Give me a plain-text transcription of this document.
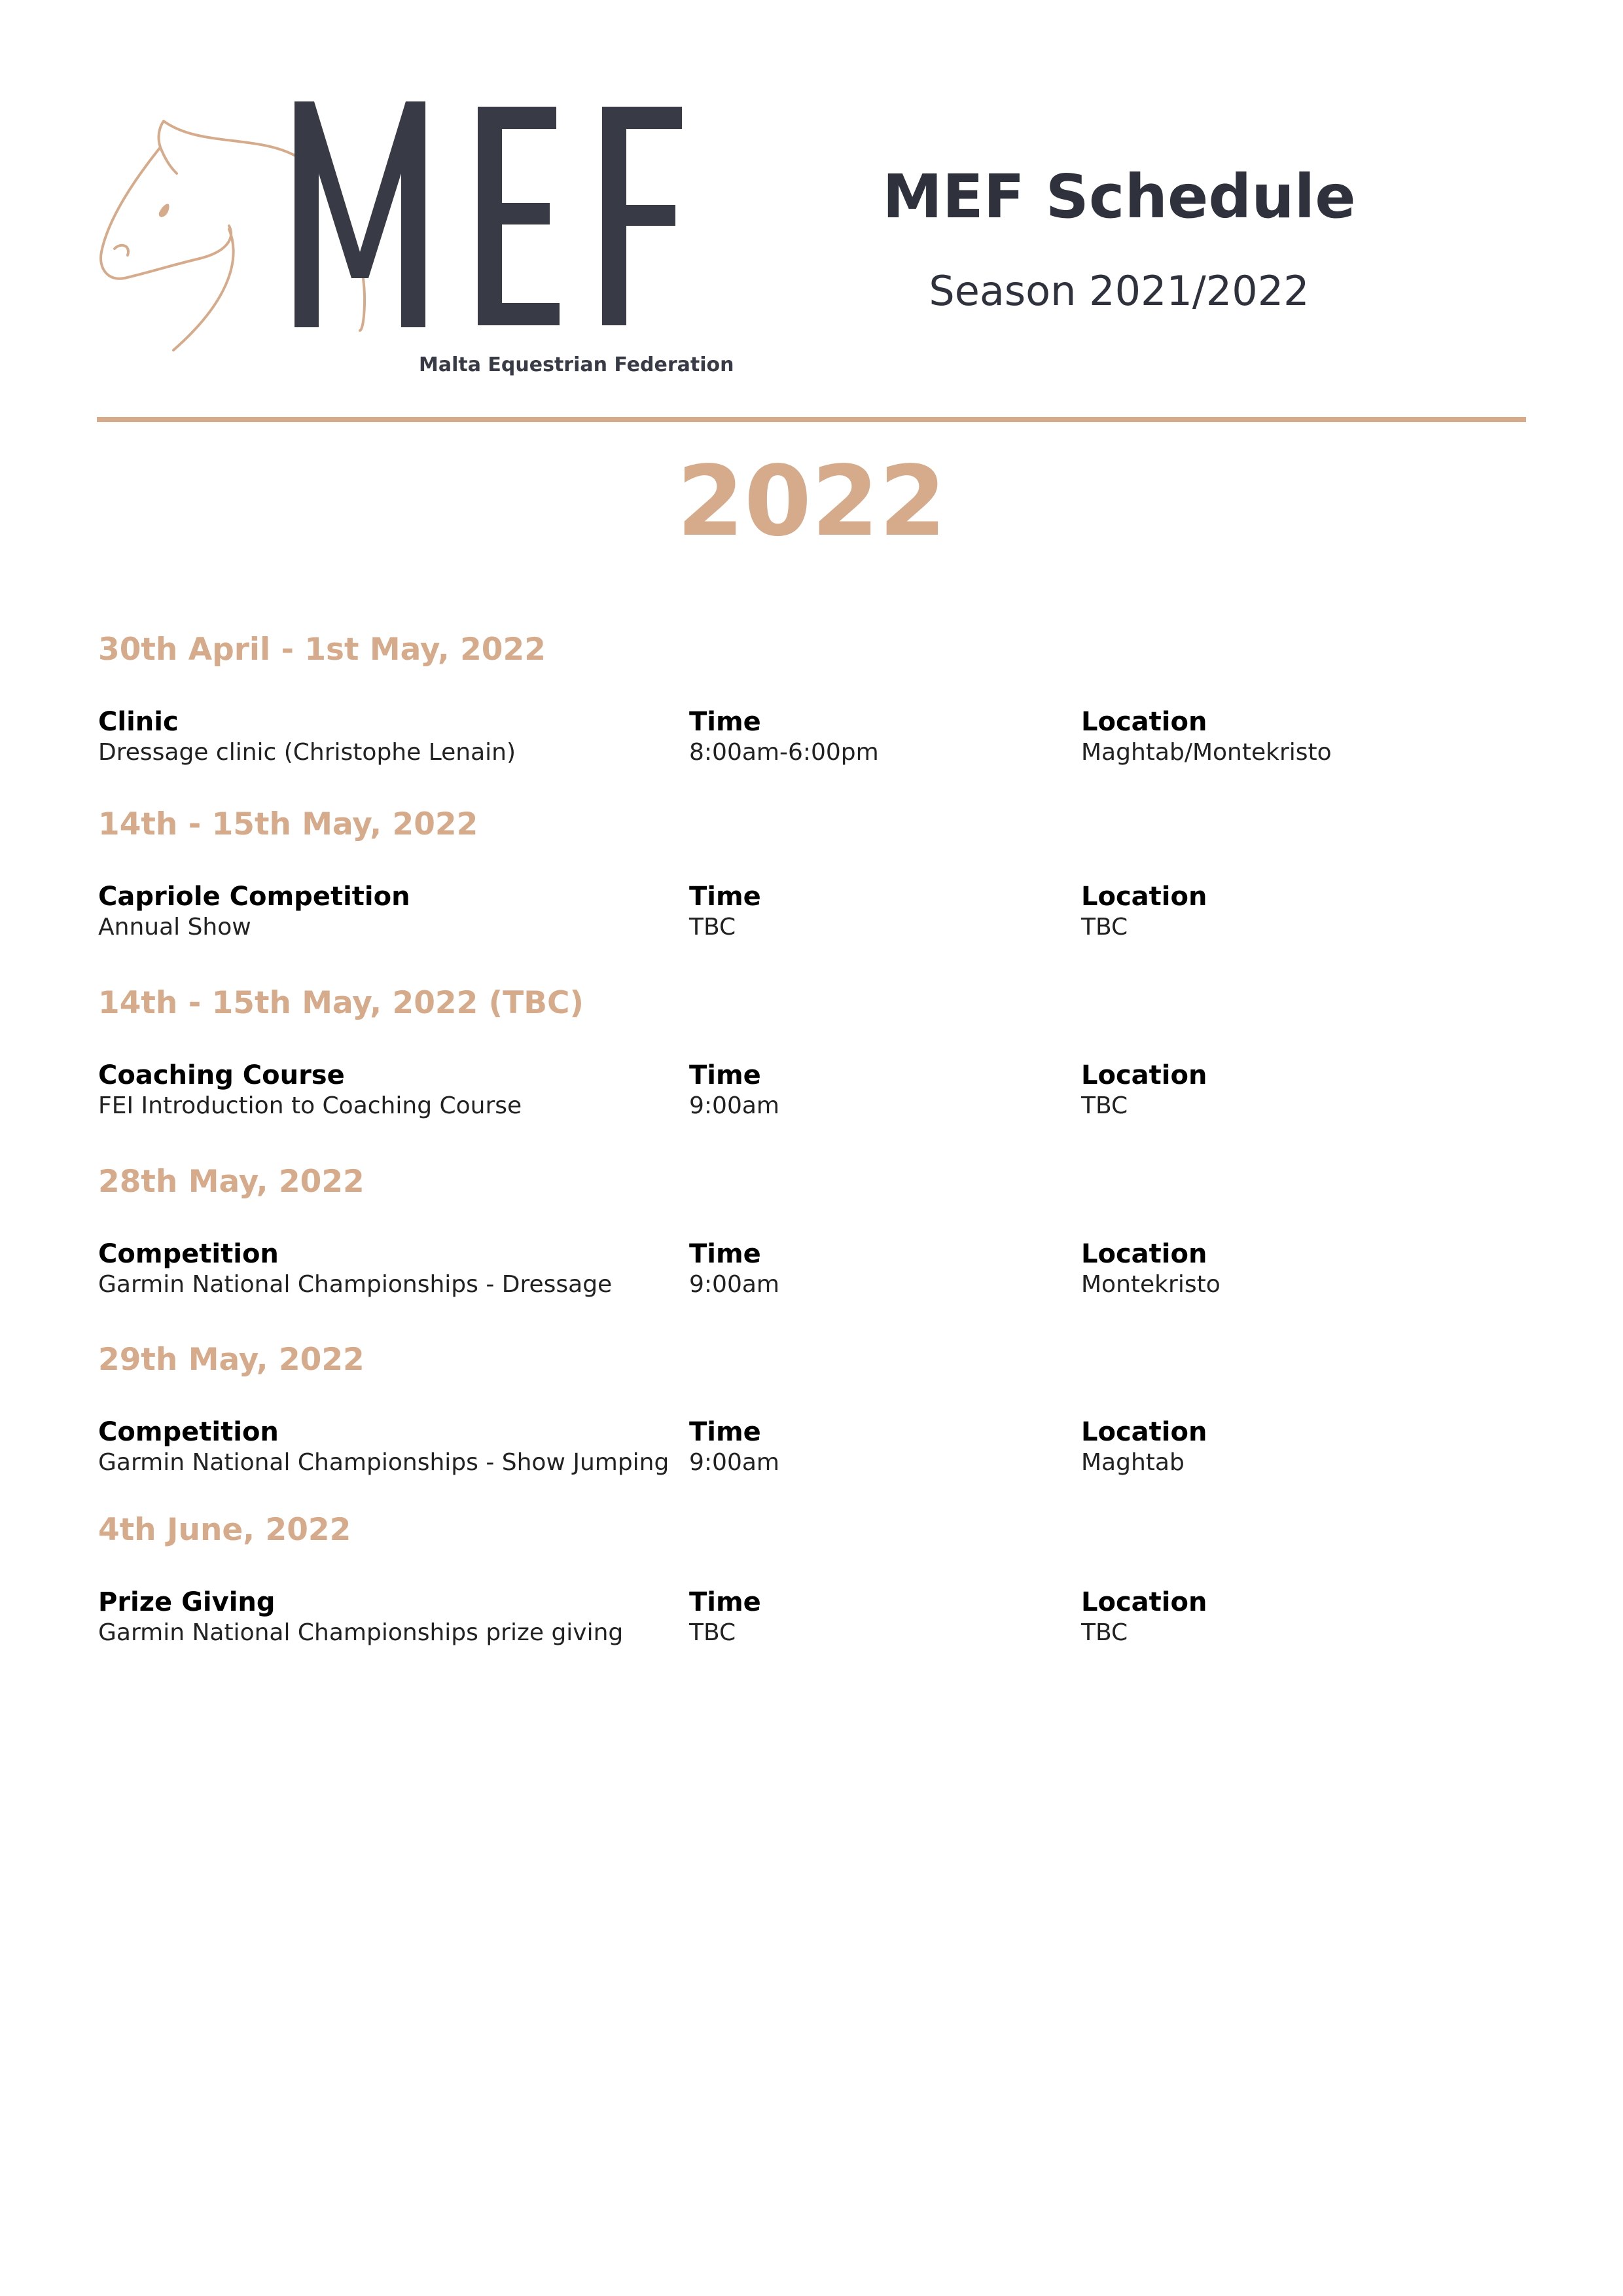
Malta Equestrian Federation
MEF Schedule
Season 2021/2022
2022
30th April - 1st May, 2022
Clinic
Dressage clinic (Christophe Lenain)
Time
8:00am-6:00pm
Location
Maghtab/Montekristo
14th - 15th May, 2022
Capriole Competition
Annual Show
Time
TBC
Location
TBC
14th - 15th May, 2022 (TBC)
Coaching Course
FEI Introduction to Coaching Course
Time
9:00am
Location
TBC
28th May, 2022
Competition
Garmin National Championships - Dressage
Time
9:00am
Location
Montekristo
29th May, 2022
Competition
Garmin National Championships - Show Jumping
Time
9:00am
Location
Maghtab
4th June, 2022
Prize Giving
Garmin National Championships prize giving
Time
TBC
Location
TBC
